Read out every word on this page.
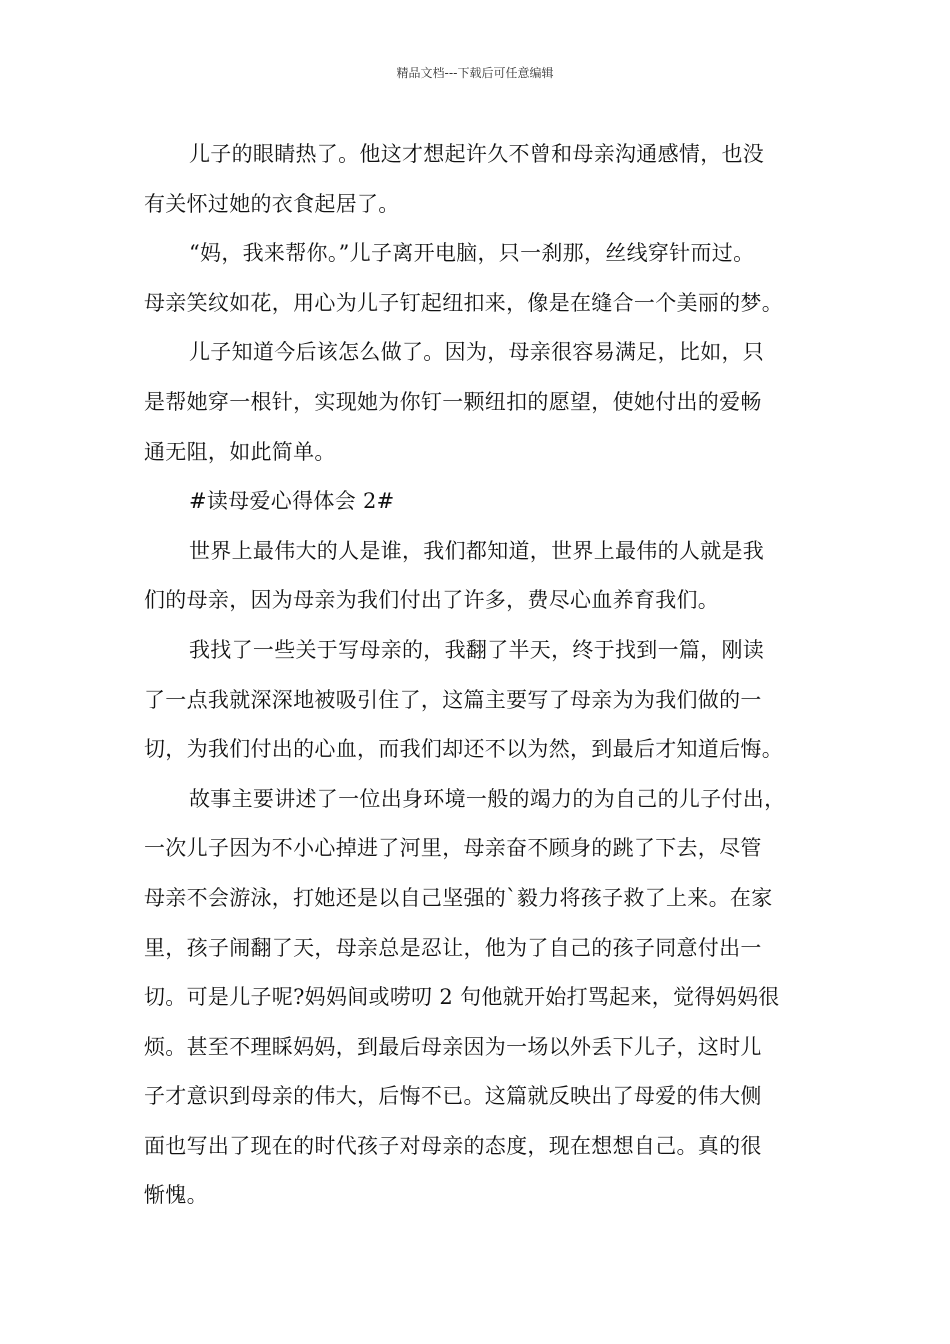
精品文档---下载后可任意编辑
儿子的眼睛热了。他这才想起许久不曾和母亲沟通感情，也没
有关怀过她的衣食起居了。
“妈，我来帮你。”儿子离开电脑，只一刹那，丝线穿针而过。
母亲笑纹如花，用心为儿子钉起纽扣来，像是在缝合一个美丽的梦。
儿子知道今后该怎么做了。因为，母亲很容易满足，比如，只
是帮她穿一根针，实现她为你钉一颗纽扣的愿望，使她付出的爱畅
通无阻，如此简单。
#读母爱心得体会 2#
世界上最伟大的人是谁，我们都知道，世界上最伟的人就是我
们的母亲，因为母亲为我们付出了许多，费尽心血养育我们。
我找了一些关于写母亲的，我翻了半天，终于找到一篇，刚读
了一点我就深深地被吸引住了，这篇主要写了母亲为为我们做的一
切，为我们付出的心血，而我们却还不以为然，到最后才知道后悔。
故事主要讲述了一位出身环境一般的竭力的为自己的儿子付出，
一次儿子因为不小心掉进了河里，母亲奋不顾身的跳了下去，尽管
母亲不会游泳，打她还是以自己坚强的`毅力将孩子救了上来。在家
里，孩子闹翻了天，母亲总是忍让，他为了自己的孩子同意付出一
切。可是儿子呢?妈妈间或唠叨 2 句他就开始打骂起来，觉得妈妈很
烦。甚至不理睬妈妈，到最后母亲因为一场以外丢下儿子，这时儿
子才意识到母亲的伟大，后悔不已。这篇就反映出了母爱的伟大侧
面也写出了现在的时代孩子对母亲的态度，现在想想自己。真的很
惭愧。
